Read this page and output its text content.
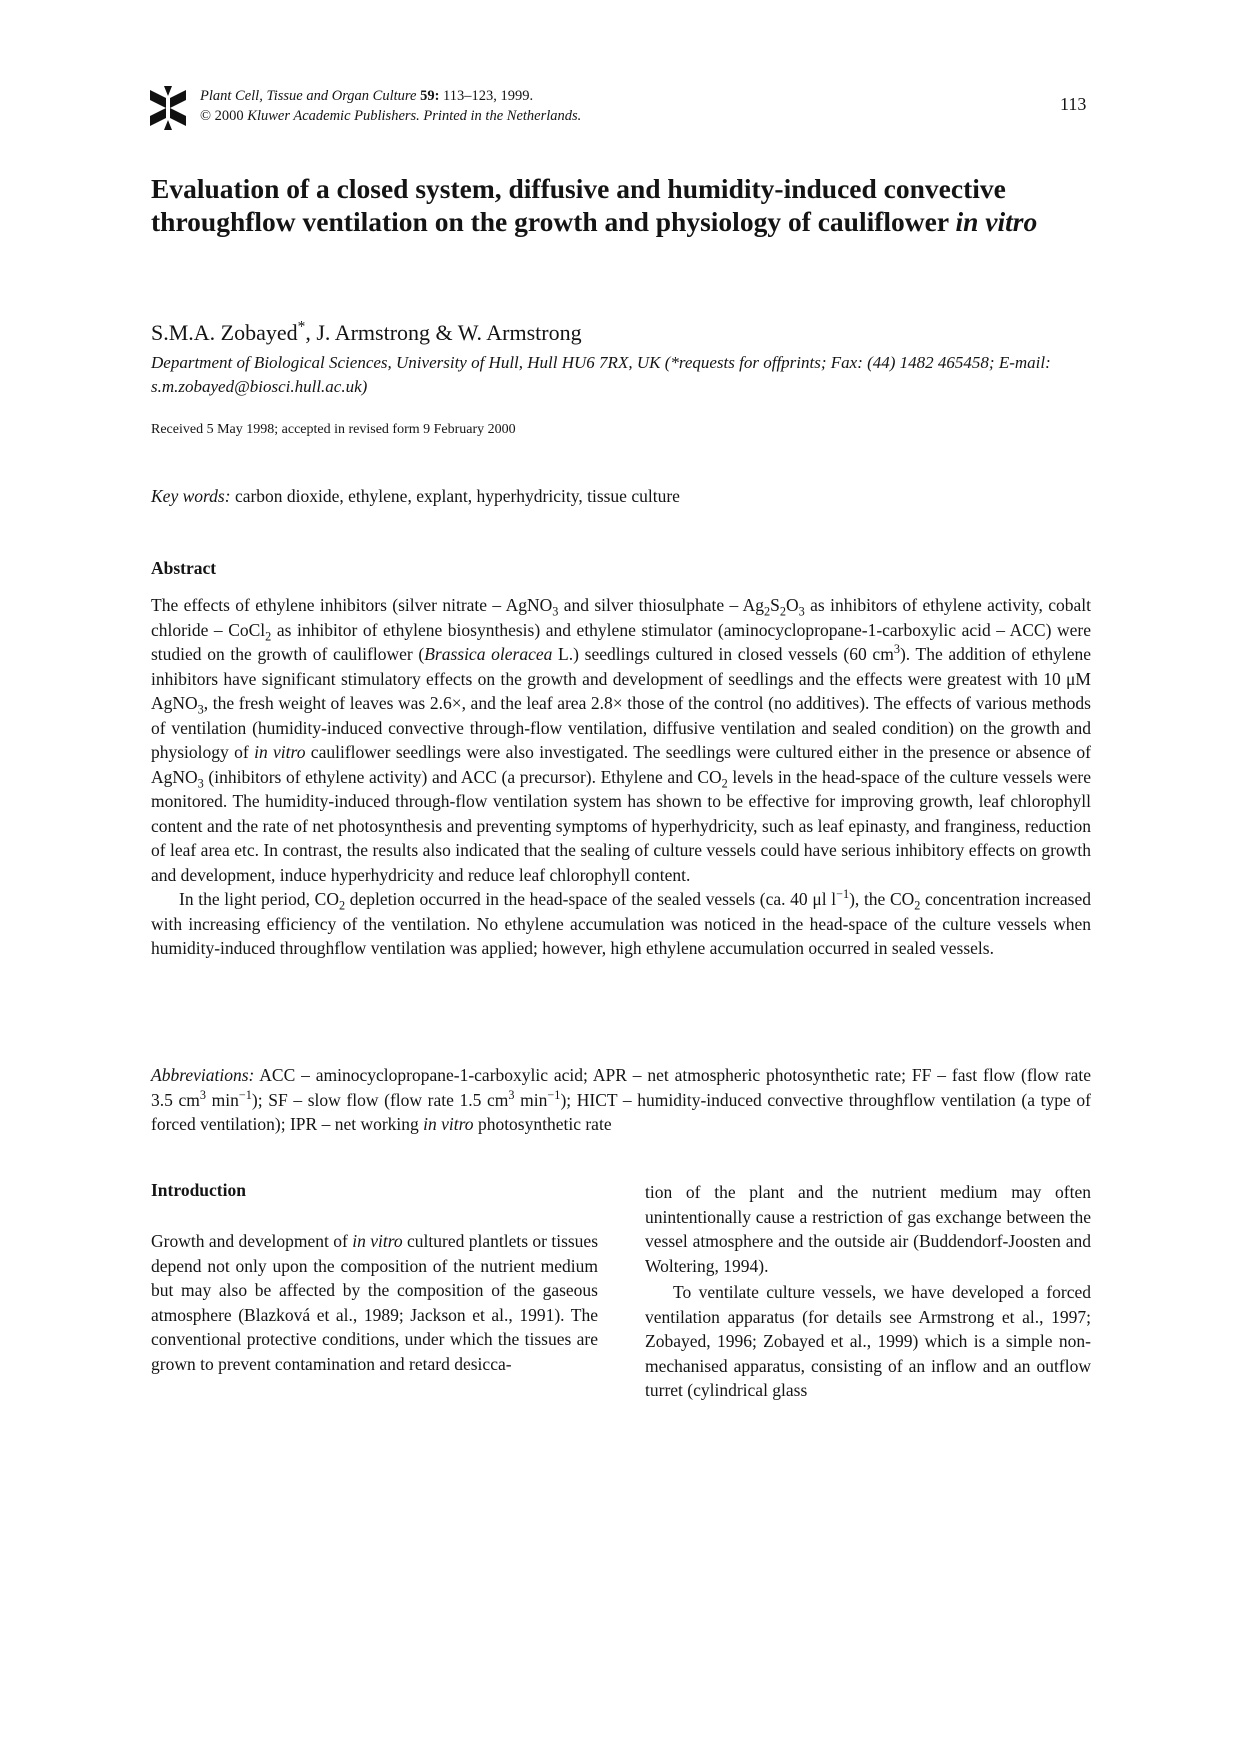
Plant Cell, Tissue and Organ Culture 59: 113–123, 1999.
© 2000 Kluwer Academic Publishers. Printed in the Netherlands.
113
Evaluation of a closed system, diffusive and humidity-induced convective throughflow ventilation on the growth and physiology of cauliflower in vitro
S.M.A. Zobayed*, J. Armstrong & W. Armstrong
Department of Biological Sciences, University of Hull, Hull HU6 7RX, UK (*requests for offprints; Fax: (44) 1482 465458; E-mail: s.m.zobayed@biosci.hull.ac.uk)
Received 5 May 1998; accepted in revised form 9 February 2000
Key words: carbon dioxide, ethylene, explant, hyperhydricity, tissue culture
Abstract

The effects of ethylene inhibitors (silver nitrate – AgNO$_3$ and silver thiosulphate – $Ag_2S_2O_3$ as inhibitors of ethylene activity, cobalt chloride – CoCl$_2$ as inhibitor of ethylene biosynthesis) and ethylene stimulator (aminocyclopropane-1-carboxylic acid – ACC) were studied on the growth of cauliflower (Brassica oleracea L.) seedlings cultured in closed vessels (60 $cm^3$). The addition of ethylene inhibitors have significant stimulatory effects on the growth and development of seedlings and the effects were greatest with 10 μM AgNO$_3$, the fresh weight of leaves was 2.6×, and the leaf area 2.8× those of the control (no additives). The effects of various methods of ventilation (humidity-induced convective through-flow ventilation, diffusive ventilation and sealed condition) on the growth and physiology of in vitro cauliflower seedlings were also investigated. The seedlings were cultured either in the presence or absence of AgNO$_3$ (inhibitors of ethylene activity) and ACC (a precursor). Ethylene and $CO_2$ levels in the head-space of the culture vessels were monitored. The humidity-induced through-flow ventilation system has shown to be effective for improving growth, leaf chlorophyll content and the rate of net photosynthesis and preventing symptoms of hyperhydricity, such as leaf epinasty, and franginess, reduction of leaf area etc. In contrast, the results also indicated that the sealing of culture vessels could have serious inhibitory effects on growth and development, induce hyperhydricity and reduce leaf chlorophyll content.

In the light period, $CO_2$ depletion occurred in the head-space of the sealed vessels (ca. 40 μl $l^{-1}$), the $CO_2$ concentration increased with increasing efficiency of the ventilation. No ethylene accumulation was noticed in the head-space of the culture vessels when humidity-induced throughflow ventilation was applied; however, high ethylene accumulation occurred in sealed vessels.

Abbreviations: ACC – aminocyclopropane-1-carboxylic acid; APR – net atmospheric photosynthetic rate; FF – fast flow (flow rate 3.5 $cm^3$ $\min^{-1}$); SF – slow flow (flow rate 1.5 $cm^3$ $\min^{-1}$); HICT – humidity-induced convective throughflow ventilation (a type of forced ventilation); IPR – net working in vitro photosynthetic rate
Introduction
Growth and development of in vitro cultured plantlets or tissues depend not only upon the composition of the nutrient medium but may also be affected by the composition of the gaseous atmosphere (Blazková et al., 1989; Jackson et al., 1991). The conventional protective conditions, under which the tissues are grown to prevent contamination and retard desicca-

tion of the plant and the nutrient medium may often unintentionally cause a restriction of gas exchange between the vessel atmosphere and the outside air (Buddendorf-Joosten and Woltering, 1994).

To ventilate culture vessels, we have developed a forced ventilation apparatus (for details see Armstrong et al., 1997; Zobayed, 1996; Zobayed et al., 1999) which is a simple non-mechanised apparatus, consisting of an inflow and an outflow turret (cylindrical glass
